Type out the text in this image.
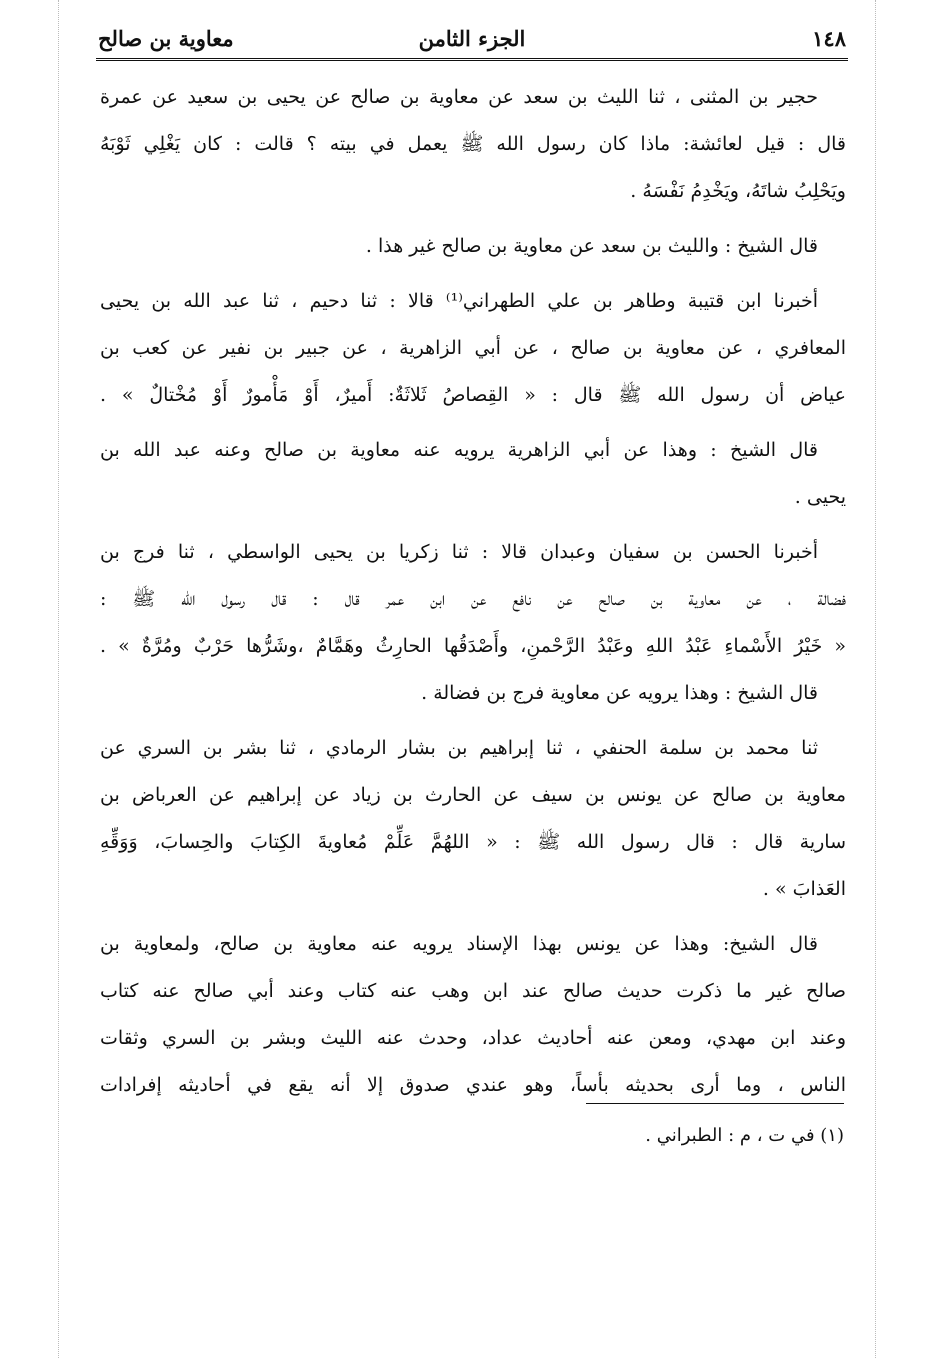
١٤٨
الجزء الثامن
معاوية بن صالح
حجير بن المثنى ، ثنا الليث بن سعد عن معاوية بن صالح عن يحيى بن سعيد عن عمرة
قال : قيل لعائشة: ماذا كان رسول الله ﷺ يعمل في بيته ؟ قالت : كان يَغْلِي ثَوْبَهُ
ويَحْلِبُ شاتَهُ، ويَخْدِمُ نَفْسَهُ .
قال الشيخ : والليث بن سعد عن معاوية بن صالح غير هذا .
أخبرنا ابن قتيبة وطاهر بن علي الطهراني⁽¹⁾ قالا : ثنا دحيم ، ثنا عبد الله بن يحيى
المعافري ، عن معاوية بن صالح ، عن أبي الزاهرية ، عن جبير بن نفير عن كعب بن
عياض أن رسول الله ﷺ قال : « القِصاصُ ثَلاثَةٌ: أَميرٌ، أَوْ مَأْمورٌ أَوْ مُخْتالٌ » .
قال الشيخ : وهذا عن أبي الزاهرية يرويه عنه معاوية بن صالح وعنه عبد الله بن
يحيى .
أخبرنا الحسن بن سفيان وعبدان قالا : ثنا زكريا بن يحيى الواسطي ، ثنا فرج بن
فضالة ، عن معاوية بن صالح عن نافع عن ابن عمر قال : قال رسول الله ﷺ :
« خَيْرُ الأَسْماءِ عَبْدُ اللهِ وعَبْدُ الرَّحْمنِ، وأَصْدَقُها الحارِثُ وهَمَّامٌ ،وشَرُّها حَرْبٌ ومُرَّةٌ » .
قال الشيخ : وهذا يرويه عن معاوية فرج بن فضالة .
ثنا محمد بن سلمة الحنفي ، ثنا إبراهيم بن بشار الرمادي ، ثنا بشر بن السري عن
معاوية بن صالح عن يونس بن سيف عن الحارث بن زياد عن إبراهيم عن العرباض بن
سارية قال : قال رسول الله ﷺ : « اللهُمَّ عَلِّمْ مُعاويةَ الكِتابَ والحِسابَ، وَوَقِّهِ
العَذابَ » .
قال الشيخ: وهذا عن يونس بهذا الإسناد يرويه عنه معاوية بن صالح، ولمعاوية بن
صالح غير ما ذكرت حديث صالح عند ابن وهب عنه كتاب وعند أبي صالح عنه كتاب
وعند ابن مهدي، ومعن عنه أحاديث عداد، وحدث عنه الليث وبشر بن السري وثقات
الناس ، وما أرى بحديثه بأساً، وهو عندي صدوق إلا أنه يقع في أحاديثه إفرادات
(١) في ت ، م : الطبراني .
